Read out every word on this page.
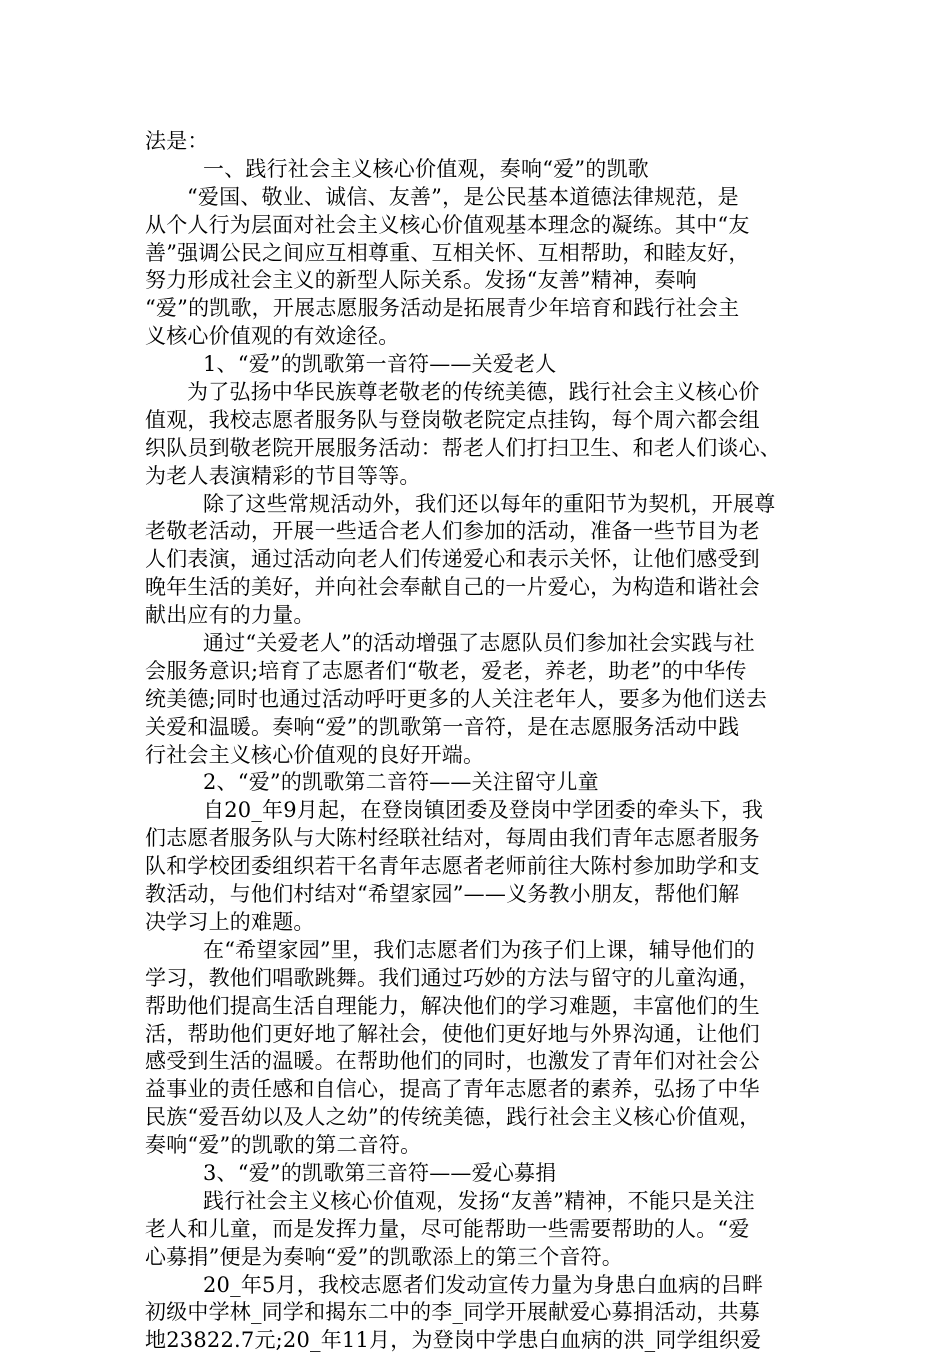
法是：
一、践行社会主义核心价值观，奏响“爱”的凯歌
“爱国、敬业、诚信、友善”，是公民基本道德法律规范，是
从个人行为层面对社会主义核心价值观基本理念的凝练。其中“友
善”强调公民之间应互相尊重、互相关怀、互相帮助，和睦友好，
努力形成社会主义的新型人际关系。发扬“友善”精神，奏响
“爱”的凯歌，开展志愿服务活动是拓展青少年培育和践行社会主
义核心价值观的有效途径。
1、“爱”的凯歌第一音符——关爱老人
为了弘扬中华民族尊老敬老的传统美德，践行社会主义核心价
值观，我校志愿者服务队与登岗敬老院定点挂钩，每个周六都会组
织队员到敬老院开展服务活动：帮老人们打扫卫生、和老人们谈心、
为老人表演精彩的节目等等。
除了这些常规活动外，我们还以每年的重阳节为契机，开展尊
老敬老活动，开展一些适合老人们参加的活动，准备一些节目为老
人们表演，通过活动向老人们传递爱心和表示关怀，让他们感受到
晚年生活的美好，并向社会奉献自己的一片爱心，为构造和谐社会
献出应有的力量。
通过“关爱老人”的活动增强了志愿队员们参加社会实践与社
会服务意识;培育了志愿者们“敬老，爱老，养老，助老”的中华传
统美德;同时也通过活动呼吁更多的人关注老年人，要多为他们送去
关爱和温暖。奏响“爱”的凯歌第一音符，是在志愿服务活动中践
行社会主义核心价值观的良好开端。
2、“爱”的凯歌第二音符——关注留守儿童
自20_年9月起，在登岗镇团委及登岗中学团委的牵头下，我
们志愿者服务队与大陈村经联社结对，每周由我们青年志愿者服务
队和学校团委组织若干名青年志愿者老师前往大陈村参加助学和支
教活动，与他们村结对“希望家园”——义务教小朋友，帮他们解
决学习上的难题。
在“希望家园”里，我们志愿者们为孩子们上课，辅导他们的
学习，教他们唱歌跳舞。我们通过巧妙的方法与留守的儿童沟通，
帮助他们提高生活自理能力，解决他们的学习难题，丰富他们的生
活，帮助他们更好地了解社会，使他们更好地与外界沟通，让他们
感受到生活的温暖。在帮助他们的同时，也激发了青年们对社会公
益事业的责任感和自信心，提高了青年志愿者的素养，弘扬了中华
民族“爱吾幼以及人之幼”的传统美德，践行社会主义核心价值观，
奏响“爱”的凯歌的第二音符。
3、“爱”的凯歌第三音符——爱心募捐
践行社会主义核心价值观，发扬“友善”精神，不能只是关注
老人和儿童，而是发挥力量，尽可能帮助一些需要帮助的人。“爱
心募捐”便是为奏响“爱”的凯歌添上的第三个音符。
20_年5月，我校志愿者们发动宣传力量为身患白血病的吕畔
初级中学林_同学和揭东二中的李_同学开展献爱心募捐活动，共募
地23822.7元;20_年11月，为登岗中学患白血病的洪_同学组织爱
